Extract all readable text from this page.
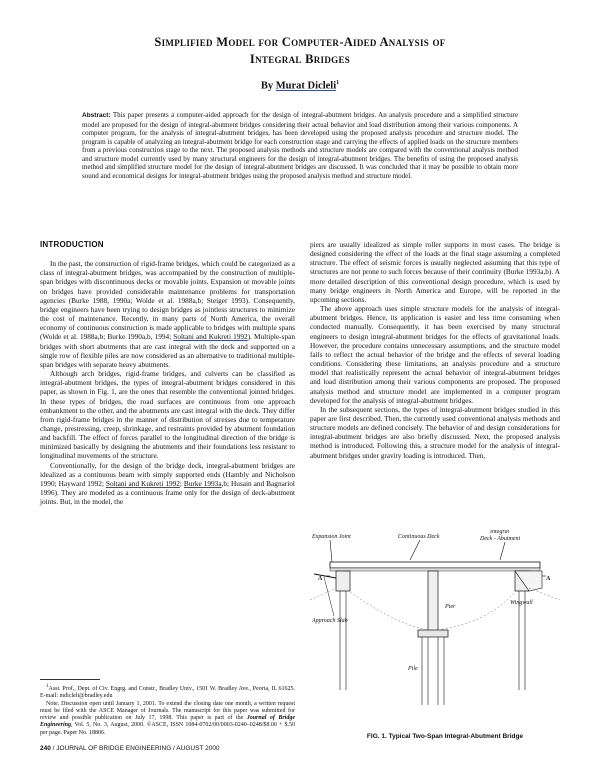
Simplified Model for Computer-Aided Analysis of
Integral Bridges
By Murat Dicleli$^1$
Abstract: This paper presents a computer-aided approach for the design of integral-abutment bridges. An analysis procedure and a simplified structure model are proposed for the design of integral-abutment bridges considering their actual behavior and load distribution among their various components. A computer program, for the analysis of integral-abutment bridges, has been developed using the proposed analysis procedure and structure model. The program is capable of analyzing an integral-abutment bridge for each construction stage and carrying the effects of applied loads on the structure members from a previous construction stage to the next. The proposed analysis methods and structure models are compared with the conventional analysis method and structure model currently used by many structural engineers for the design of integral-abutment bridges. The benefits of using the proposed analysis method and simplified structure model for the design of integral-abutment bridges are discussed. It was concluded that it may be possible to obtain more sound and economical designs for integral-abutment bridges using the proposed analysis method and structure model.
INTRODUCTION

In the past, the construction of rigid-frame bridges, which could be categorized as a class of integral-abutment bridges, was accompanied by the construction of multiple-span bridges with discontinuous decks or movable joints. Expansion or movable joints on bridges have provided considerable maintenance problems for transportation agencies (Burke 1988, 1990a; Wolde et al. 1988a,b; Steiger 1993). Consequently, bridge engineers have been trying to design bridges as jointless structures to minimize the cost of maintenance. Recently, in many parts of North America, the overall economy of continuous construction is made applicable to bridges with multiple spans (Wolde et al. 1988a,b; Burke 1990a,b, 1994; Soltani and Kukreti 1992). Multiple-span bridges with short abutments that are cast integral with the deck and supported on a single row of flexible piles are now considered as an alternative to traditional multiple-span bridges with separate heavy abutments.

Although arch bridges, rigid-frame bridges, and culverts can be classified as integral-abutment bridges, the types of integral-abutment bridges considered in this paper, as shown in Fig. 1, are the ones that resemble the conventional jointed bridges. In these types of bridges, the road surfaces are continuous from one approach embankment to the other, and the abutments are cast integral with the deck. They differ from rigid-frame bridges in the manner of distribution of stresses due to temperature change, prestressing, creep, shrinkage, and restraints provided by abutment foundation and backfill. The effect of forces parallel to the longitudinal direction of the bridge is minimized basically by designing the abutments and their foundations less resistant to longitudinal movements of the structure.

Conventionally, for the design of the bridge deck, integral-abutment bridges are idealized as a continuous beam with simply supported ends (Hambly and Nicholson 1990; Hayward 1992; Soltani and Kukreti 1992; Burke 1993a,b; Husain and Bagnariol 1996). They are modeled as a continuous frame only for the design of deck-abutment joints. But, in the model, the

$^1$Asst. Prof., Dept. of Civ. Engrg. and Constr., Bradley Univ., 1501 W. Bradley Ave., Peoria, IL 61625. E-mail: mdicleli@bradley.edu

Note. Discussion open until January 1, 2001. To extend the closing date one month, a written request must be filed with the ASCE Manager of Journals. The manuscript for this paper was submitted for review and possible publication on July 17, 1998. This paper is part of the Journal of Bridge Engineering, Vol. 5, No. 3, August, 2000. ©ASCE, ISSN 1084-0702/00/0003-0240–0248/$8.00 + $.50 per page. Paper No. 18806.

piers are usually idealized as simple roller supports in most cases. The bridge is designed considering the effect of the loads at the final stage assuming a completed structure. The effect of seismic forces is usually neglected assuming that this type of structures are not prone to such forces because of their continuity (Burke 1993a,b). A more detailed description of this conventional design procedure, which is used by many bridge engineers in North America and Europe, will be reported in the upcoming sections.

The above approach uses simple structure models for the analysis of integral-abutment bridges. Hence, its application is easier and less time consuming when conducted manually. Consequently, it has been exercised by many structural engineers to design integral-abutment bridges for the effects of gravitational loads. However, the procedure contains unnecessary assumptions, and the structure model fails to reflect the actual behavior of the bridge and the effects of several loading conditions. Considering these limitations, an analysis procedure and a structure model that realistically represent the actual behavior of integral-abutment bridges and load distribution among their various components are proposed. The proposed analysis method and structure model are implemented in a computer program developed for the analysis of integral-abutment bridges.

In the subsequent sections, the types of integral-abutment bridges studied in this paper are first described. Then, the currently used conventional analysis methods and structure models are defined concisely. The behavior of and design considerations for integral-abutment bridges are also briefly discussed. Next, the proposed analysis method is introduced. Following this, a structure model for the analysis of integral-abutment bridges under gravity loading is introduced. Then,

Expansion Joint	Continuous Deck
Integral
Deck - Abutment
A	A
Wingwall
Pier
Approach Slab
Pile
FIG. 1. Typical Two-Span Integral-Abutment Bridge
240 / JOURNAL OF BRIDGE ENGINEERING / AUGUST 2000
